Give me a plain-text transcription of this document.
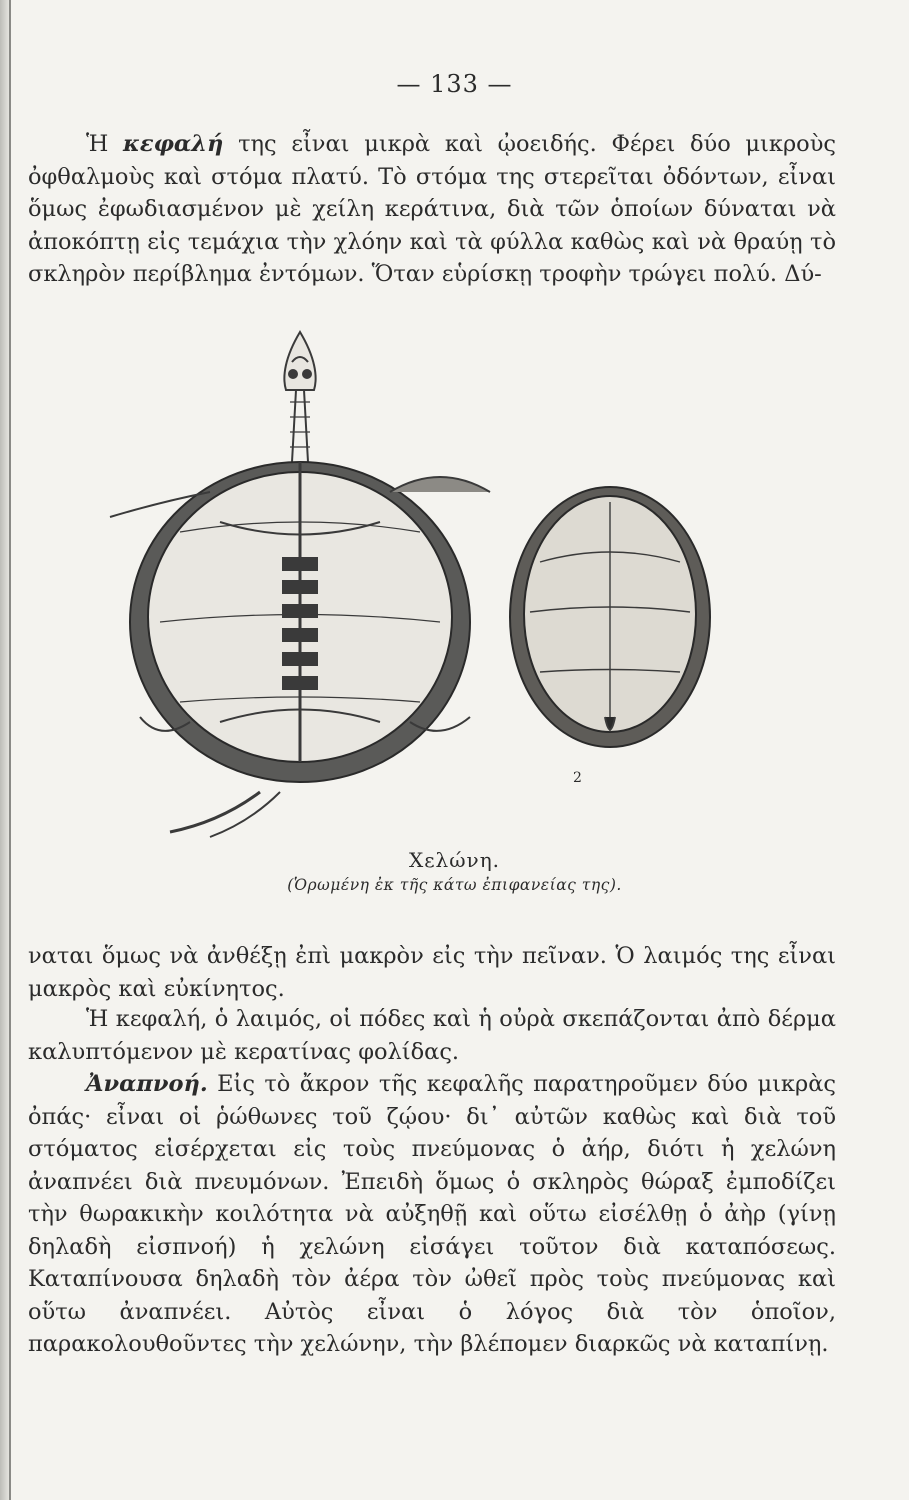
— 133 —

Ἡ κεφαλή της εἶναι μικρὰ καὶ ᾠοειδής. Φέρει δύο μικροὺς ὀφθαλμοὺς καὶ στόμα πλατύ. Τὸ στόμα της στερεῖται ὀδόντων, εἶναι ὅμως ἐφωδιασμένον μὲ χείλη κεράτινα, διὰ τῶν ὁποίων δύναται νὰ ἀποκόπτῃ εἰς τεμάχια τὴν χλόην καὶ τὰ φύλλα καθὼς καὶ νὰ θραύῃ τὸ σκληρὸν περίβλημα ἐντόμων. Ὅταν εὑρίσκῃ τροφὴν τρώγει πολύ. Δύ-

Χελώνη.
(Ὁρωμένη ἐκ τῆς κάτω ἐπιφανείας της).

ναται ὅμως νὰ ἀνθέξῃ ἐπὶ μακρὸν εἰς τὴν πεῖναν. Ὁ λαιμός της εἶναι μακρὸς καὶ εὐκίνητος.

Ἡ κεφαλή, ὁ λαιμός, οἱ πόδες καὶ ἡ οὐρὰ σκεπάζονται ἀπὸ δέρμα καλυπτόμενον μὲ κερατίνας φολίδας.

Ἀναπνοή. Εἰς τὸ ἄκρον τῆς κεφαλῆς παρατηροῦμεν δύο μικρὰς ὀπάς· εἶναι οἱ ῥώθωνες τοῦ ζῴου· δι᾽ αὐτῶν καθὼς καὶ διὰ τοῦ στόματος εἰσέρχεται εἰς τοὺς πνεύμονας ὁ ἀήρ, διότι ἡ χελώνη ἀναπνέει διὰ πνευμόνων. Ἐπειδὴ ὅμως ὁ σκληρὸς θώραξ ἐμποδίζει τὴν θωρακικὴν κοιλότητα νὰ αὐξηθῇ καὶ οὕτω εἰσέλθῃ ὁ ἀὴρ (γίνῃ δηλαδὴ εἰσπνοή) ἡ χελώνη εἰσάγει τοῦτον διὰ καταπόσεως. Καταπίνουσα δηλαδὴ τὸν ἀέρα τὸν ὠθεῖ πρὸς τοὺς πνεύμονας καὶ οὕτω ἀναπνέει. Αὐτὸς εἶναι ὁ λόγος διὰ τὸν ὁποῖον, παρακολουθοῦντες τὴν χελώνην, τὴν βλέπομεν διαρκῶς νὰ καταπίνῃ.

2
